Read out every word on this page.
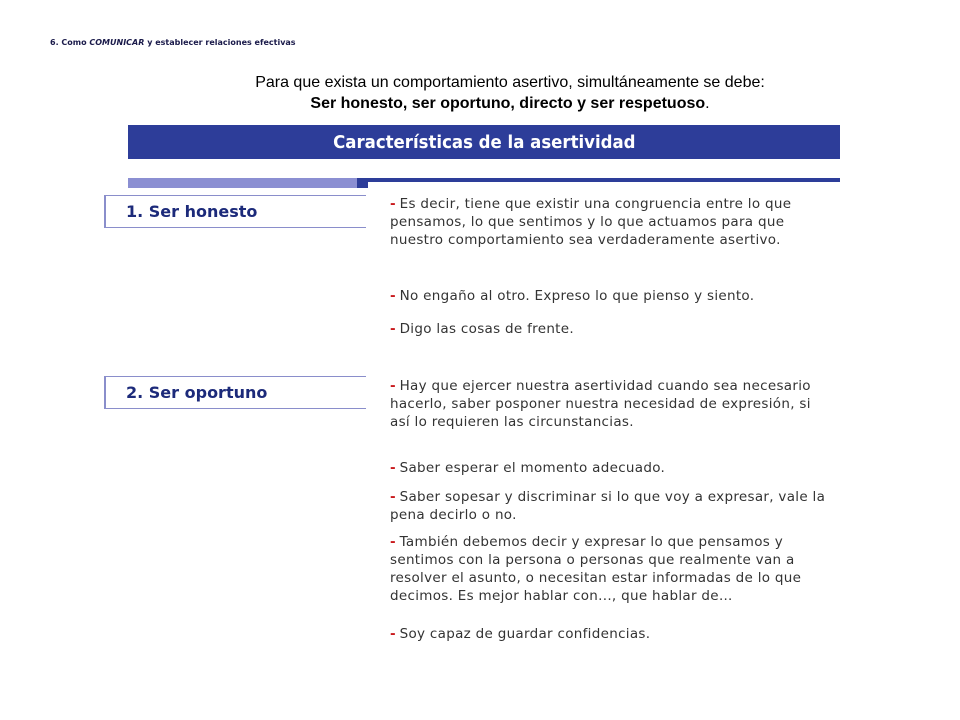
6. Como COMUNICAR y establecer relaciones efectivas
Para que exista un comportamiento asertivo, simultáneamente se debe:
Ser honesto, ser oportuno, directo y ser respetuoso.
Características de la asertividad
1. Ser honesto
2. Ser oportuno
- Es decir, tiene que existir una congruencia entre lo que pensamos, lo que sentimos y lo que actuamos para que nuestro comportamiento sea verdaderamente asertivo.
- No engaño al otro. Expreso lo que pienso y siento.
- Digo las cosas de frente.
- Hay que ejercer nuestra asertividad cuando sea necesario hacerlo, saber posponer nuestra necesidad de expresión, si así lo requieren las circunstancias.
- Saber esperar el momento adecuado.
- Saber sopesar y discriminar si lo que voy a expresar, vale la pena decirlo o no.
- También debemos decir y expresar lo que pensamos y sentimos con la persona o personas que realmente van a resolver el asunto, o necesitan estar informadas de lo que decimos. Es mejor hablar con..., que hablar de…
- Soy capaz de guardar confidencias.
